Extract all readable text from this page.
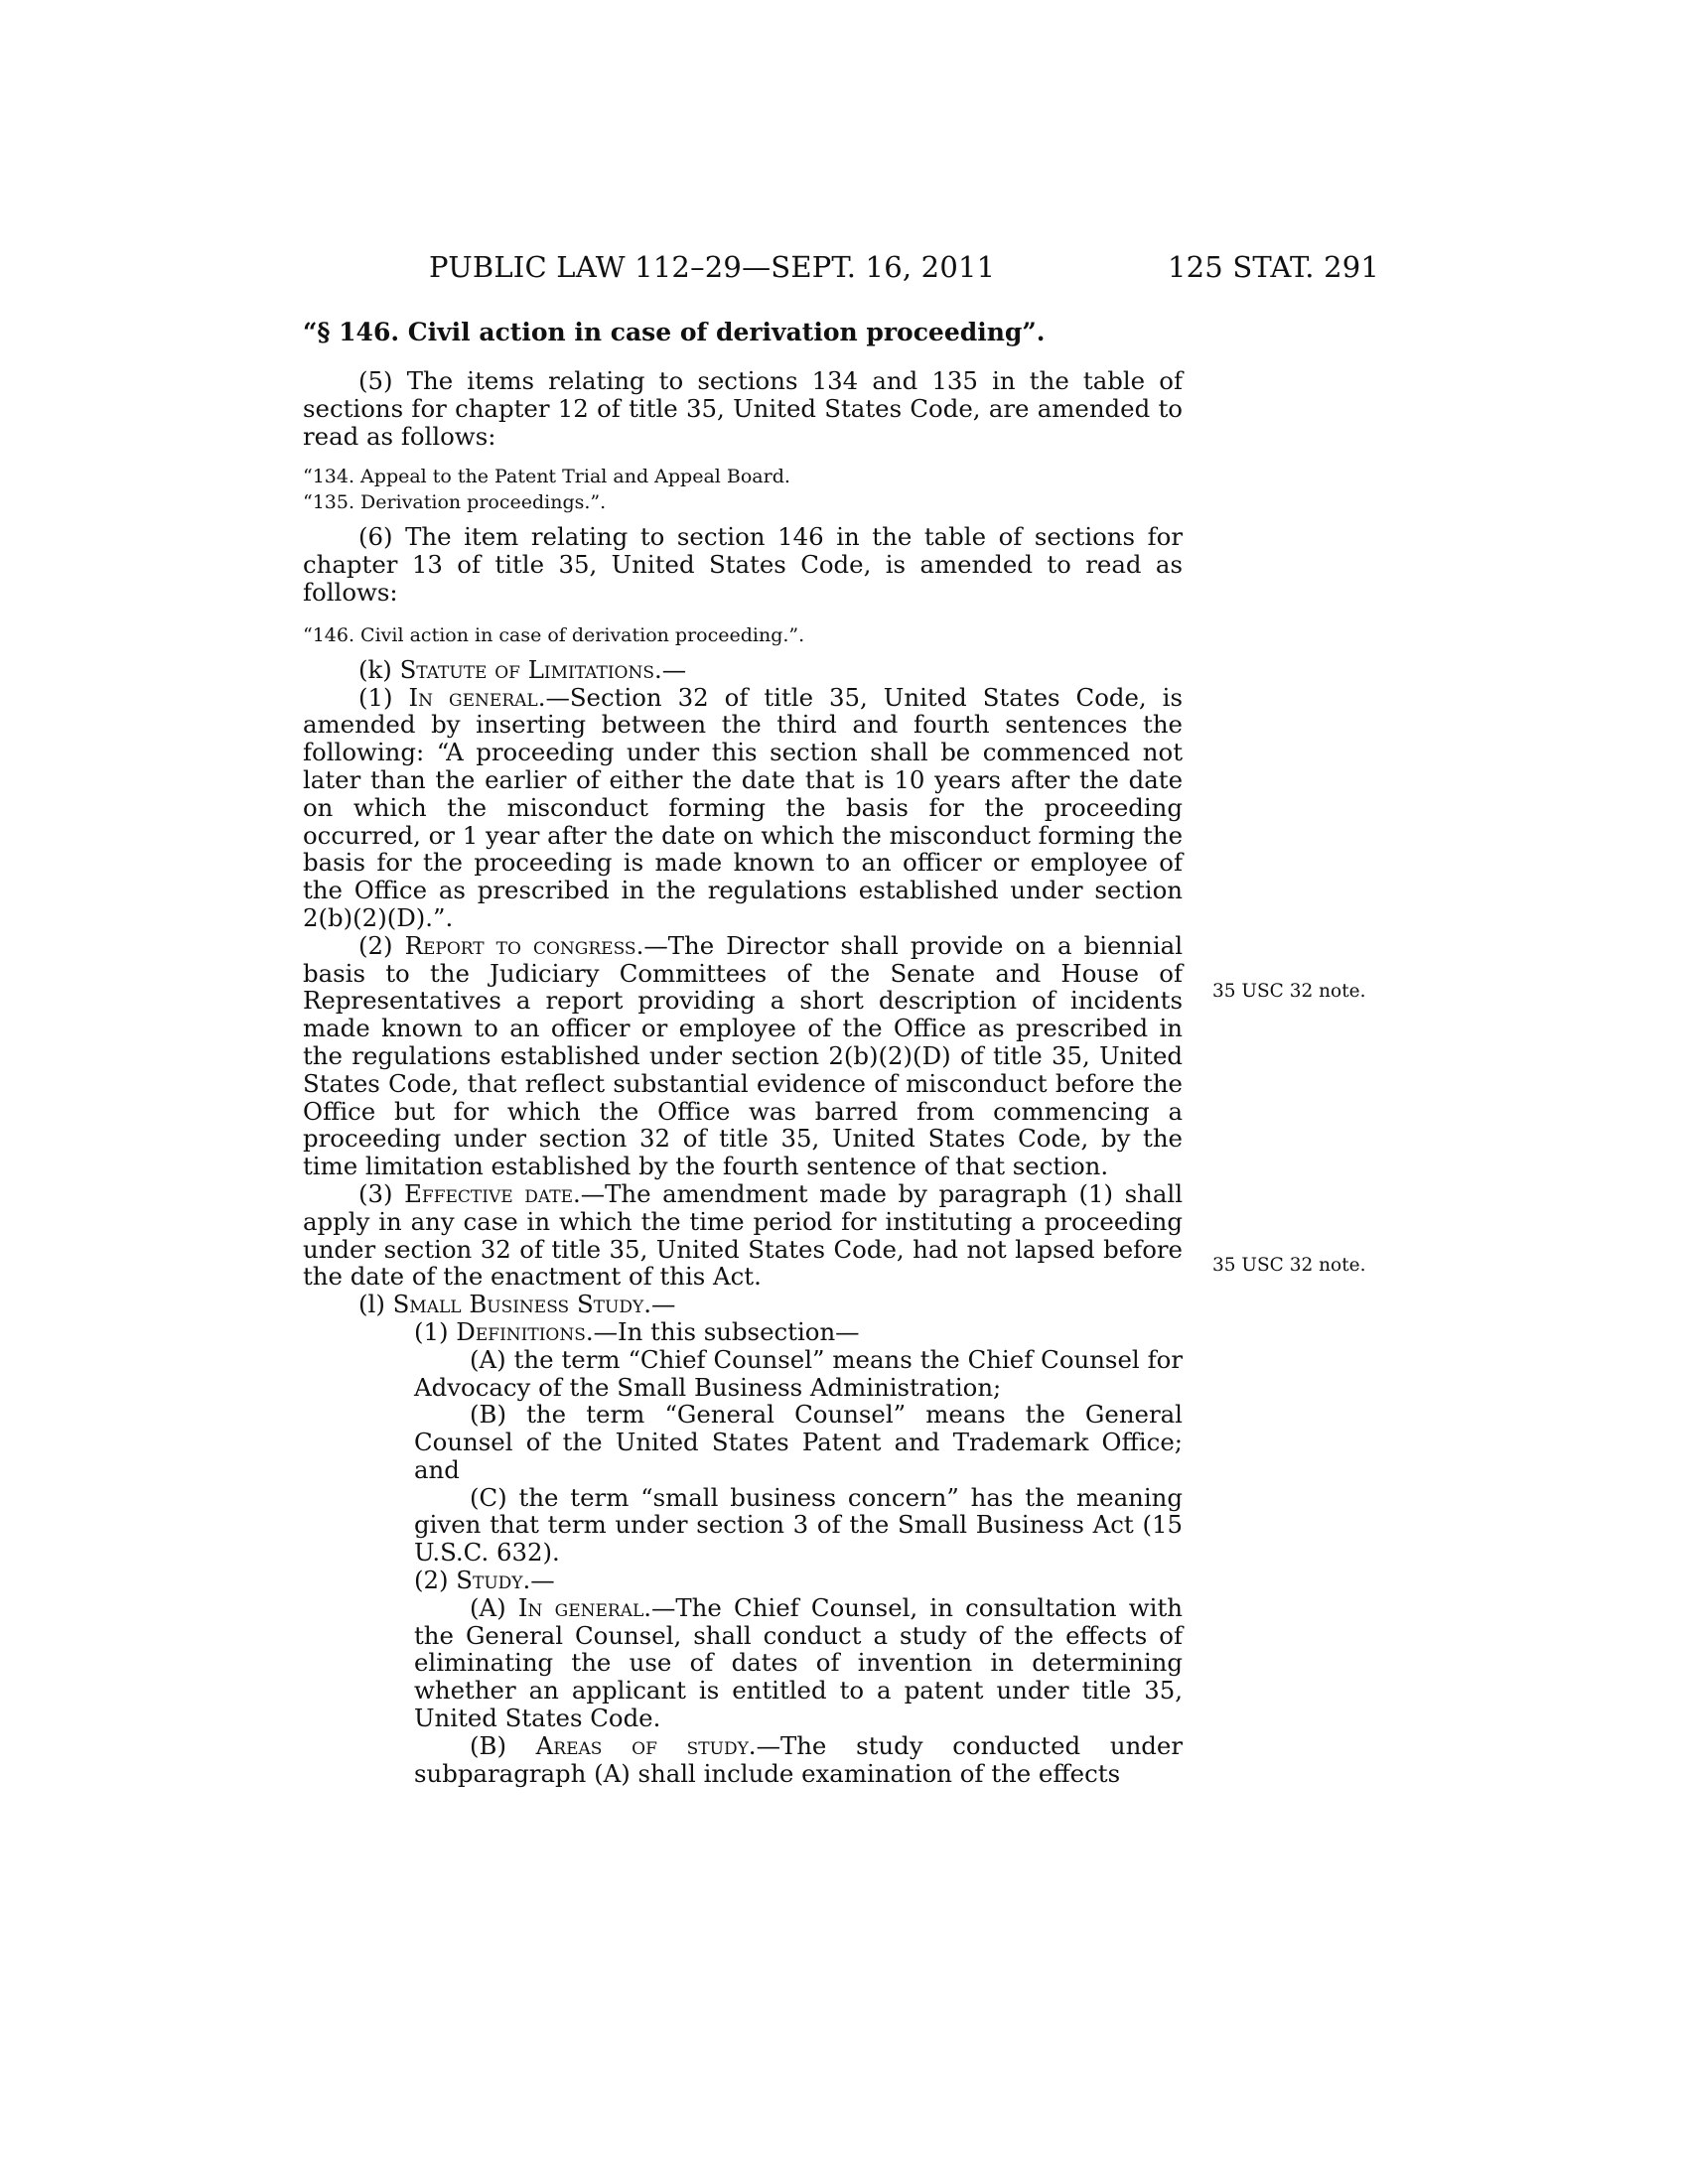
PUBLIC LAW 112–29—SEPT. 16, 2011	125 STAT. 291
“§ 146. Civil action in case of derivation proceeding”.

(5) The items relating to sections 134 and 135 in the table of sections for chapter 12 of title 35, United States Code, are amended to read as follows:

“134. Appeal to the Patent Trial and Appeal Board.
“135. Derivation proceedings.”.

(6) The item relating to section 146 in the table of sections for chapter 13 of title 35, United States Code, is amended to read as follows:

“146. Civil action in case of derivation proceeding.”.

(k) Statute of Limitations.—

(1) In general.—Section 32 of title 35, United States Code, is amended by inserting between the third and fourth sentences the following: “A proceeding under this section shall be commenced not later than the earlier of either the date that is 10 years after the date on which the misconduct forming the basis for the proceeding occurred, or 1 year after the date on which the misconduct forming the basis for the proceeding is made known to an officer or employee of the Office as prescribed in the regulations established under section 2(b)(2)(D).”.

(2) Report to congress.—The Director shall provide on a biennial basis to the Judiciary Committees of the Senate and House of Representatives a report providing a short description of incidents made known to an officer or employee of the Office as prescribed in the regulations established under section 2(b)(2)(D) of title 35, United States Code, that reflect substantial evidence of misconduct before the Office but for which the Office was barred from commencing a proceeding under section 32 of title 35, United States Code, by the time limitation established by the fourth sentence of that section.

(3) Effective date.—The amendment made by paragraph (1) shall apply in any case in which the time period for instituting a proceeding under section 32 of title 35, United States Code, had not lapsed before the date of the enactment of this Act.

(l) Small Business Study.—

(1) Definitions.—In this subsection—

(A) the term “Chief Counsel” means the Chief Counsel for Advocacy of the Small Business Administration;

(B) the term “General Counsel” means the General Counsel of the United States Patent and Trademark Office; and

(C) the term “small business concern” has the meaning given that term under section 3 of the Small Business Act (15 U.S.C. 632).

(2) Study.—

(A) In general.—The Chief Counsel, in consultation with the General Counsel, shall conduct a study of the effects of eliminating the use of dates of invention in determining whether an applicant is entitled to a patent under title 35, United States Code.

(B) Areas of study.—The study conducted under subparagraph (A) shall include examination of the effects

35 USC 32 note.
35 USC 32 note.
